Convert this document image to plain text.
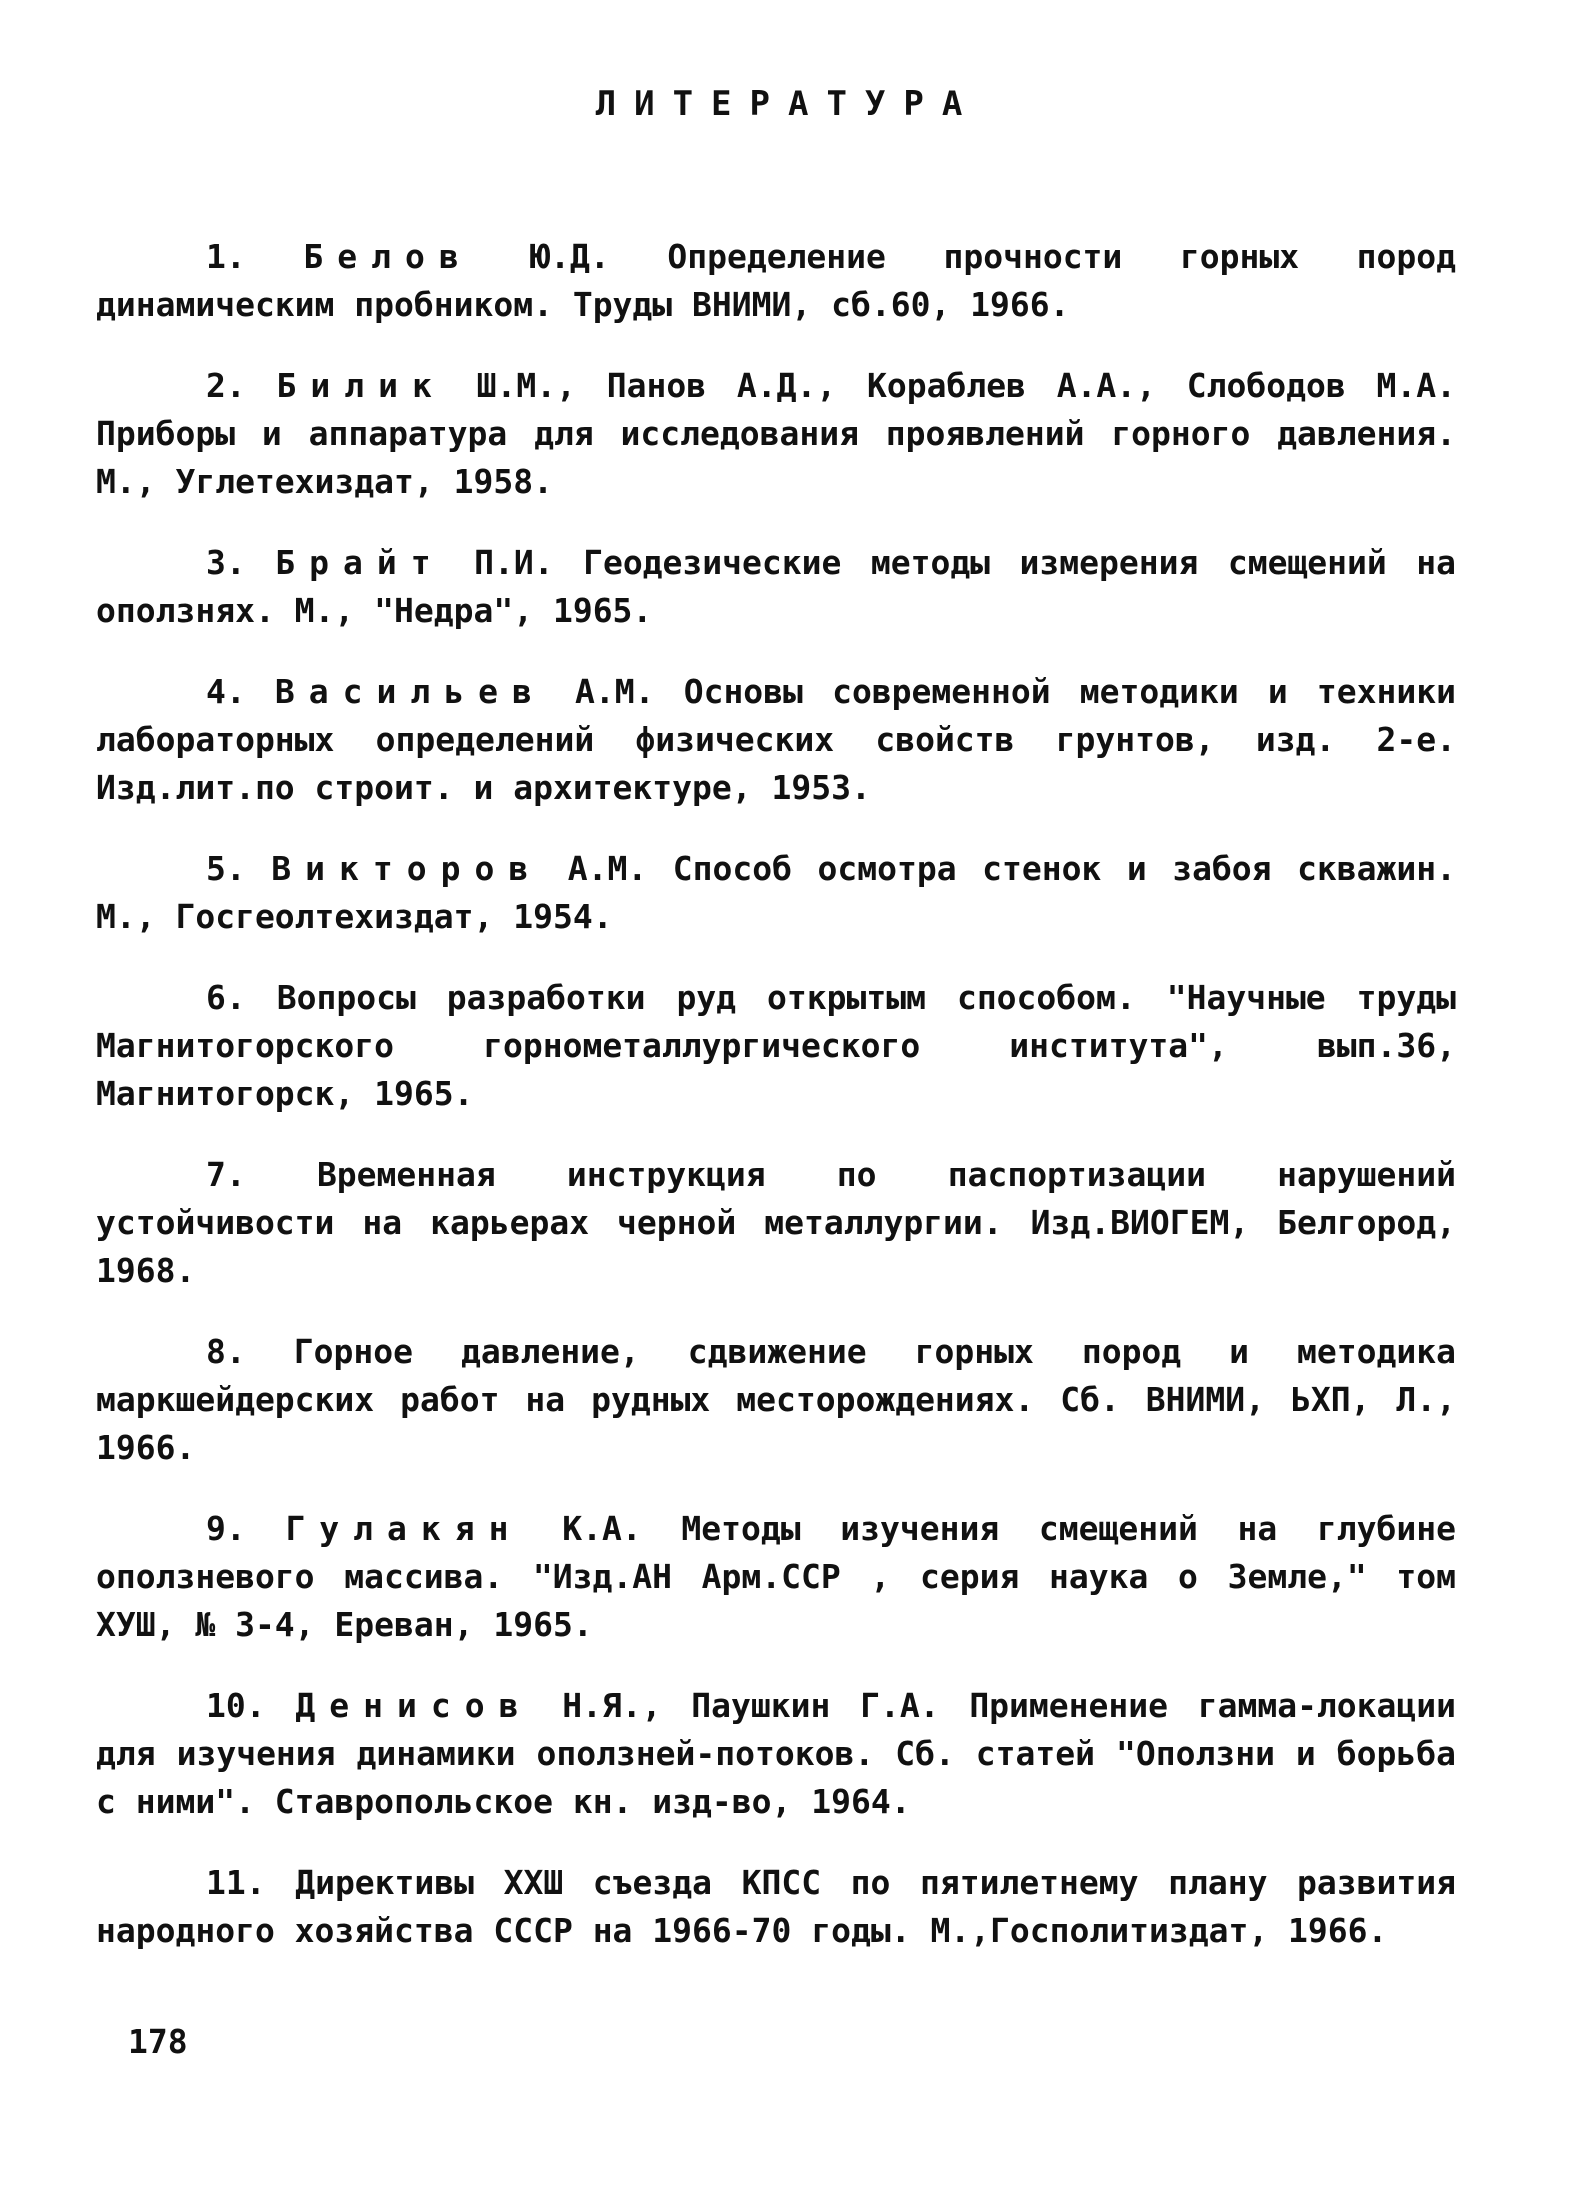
ЛИТЕРАТУРА

1. Белов Ю.Д. Определение прочности горных пород динамическим пробником. Труды ВНИМИ, сб.60, 1966.

2. Билик Ш.М., Панов А.Д., Кораблев А.А., Слободов М.А. Приборы и аппаратура для исследования проявлений горного давления. М., Углетехиздат, 1958.

3. Брайт П.И. Геодезические методы измерения смещений на оползнях. М., "Недра", 1965.

4. Васильев А.М. Основы современной методики и техники лабораторных определений физических свойств грунтов, изд. 2-е. Изд.лит.по строит. и архитектуре, 1953.

5. Викторов А.М. Способ осмотра стенок и забоя скважин. М., Госгеолтехиздат, 1954.

6. Вопросы разработки руд открытым способом. "Научные труды Магнитогорского горнометаллургического института", вып.36, Магнитогорск, 1965.

7. Временная инструкция по паспортизации нарушений устойчивости на карьерах черной металлургии. Изд.ВИОГЕМ, Белгород, 1968.

8. Горное давление, сдвижение горных пород и методика маркшейдерских работ на рудных месторождениях. Сб. ВНИМИ, ЬХП, Л., 1966.

9. Гулакян К.А. Методы изучения смещений на глубине оползневого массива. "Изд.АН Арм.ССР , серия наука о Земле," том ХУШ, № 3-4, Ереван, 1965.

10. Денисов Н.Я., Паушкин Г.А. Применение гамма-локации для изучения динамики оползней-потоков. Сб. статей "Оползни и борьба с ними". Ставропольское кн. изд-во, 1964.

11. Директивы ХХШ съезда КПСС по пятилетнему плану развития народного хозяйства СССР на 1966-70 годы. М.,Госполитиздат, 1966.

178
